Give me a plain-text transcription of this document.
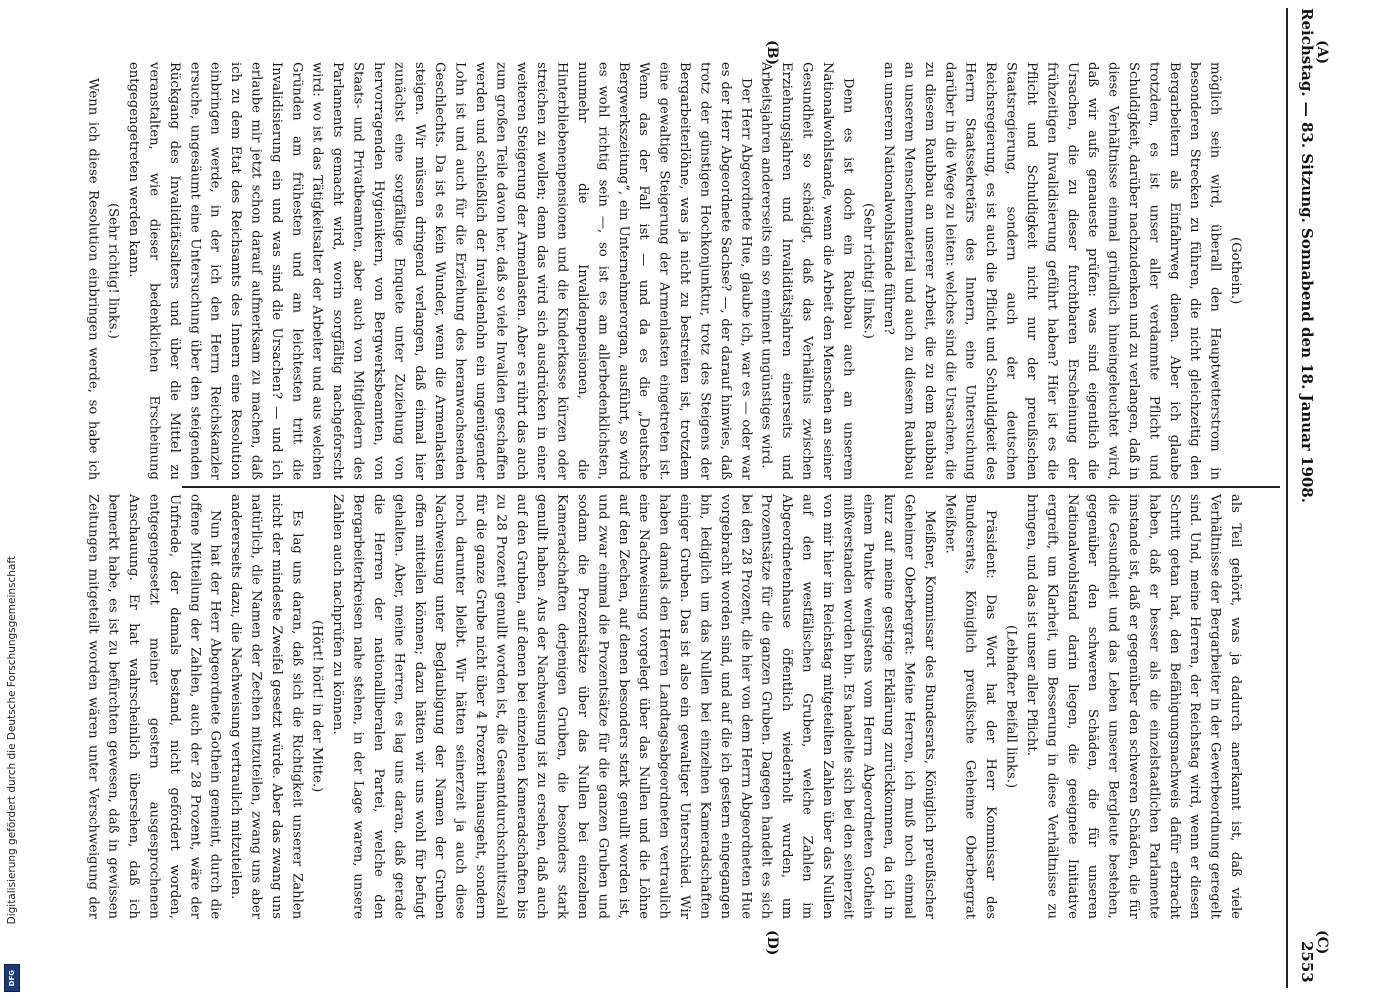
Digitalisierung gefördert durch die Deutsche Forschungsgemeinschaft
DFG
Reichstag. — 83. Sitzung. Sonnabend den 18. Januar 1908.
2553
(A)
(B)
(C)
(D)

(Gothein.)

möglich sein wird, überall den Hauptwetterstrom in besonderen Strecken zu führen, die nicht gleichzeitig den Bergarbeitern als Einfahrweg dienen. Aber ich glaube trotzdem, es ist unser aller verdammte Pflicht und Schuldigkeit, darüber nachzudenken und zu verlangen, daß in diese Verhältnisse einmal gründlich hineingeleuchtet wird, daß wir aufs genaueste prüfen: was sind eigentlich die Ursachen, die zu dieser furchtbaren Erscheinung der frühzeitigen Invalidisierung geführt haben? Hier ist es die Pflicht und Schuldigkeit nicht nur der preußischen Staatsregierung, sondern auch der deutschen Reichsregierung, es ist auch die Pflicht und Schuldigkeit des Herrn Staatssekretärs des Innern, eine Untersuchung darüber in die Wege zu leiten: welches sind die Ursachen, die zu diesem Raubbau an unserer Arbeit, die zu dem Raubbau an unserem Menschenmaterial und auch zu diesem Raubbau an unserem Nationalwohlstande führen?

(Sehr richtig! links.)

Denn es ist doch ein Raubbau auch an unserem Nationalwohlstande, wenn die Arbeit den Menschen an seiner Gesundheit so schädigt, daß das Verhältnis zwischen Erziehungsjahren und Invaliditätsjahren einerseits und Arbeitsjahren andererseits ein so eminent ungünstiges wird.

Der Herr Abgeordnete Hue, glaube ich, war es — oder war es der Herr Abgeordnete Sachse? —, der darauf hinwies, daß trotz der günstigen Hochkonjunktur, trotz des Steigens der Bergarbeiterlöhne, was ja nicht zu bestreiten ist, trotzdem eine gewaltige Steigerung der Armenlasten eingetreten ist. Wenn das der Fall ist — und da es die „Deutsche Bergwerkszeitung“, ein Unternehmerorgan, ausführt, so wird es wohl richtig sein —, so ist es am allerbedenklichsten, nunmehr die Invalidenpensionen, die Hinterbliebenenpensionen und die Kinderkasse kürzen oder streichen zu wollen; denn das wird sich ausdrücken in einer weiteren Steigerung der Armenlasten. Aber es rührt das auch zum großen Teile davon her, daß so viele Invaliden geschaffen werden und schließlich der Invalidenlohn ein ungenügender Lohn ist und auch für die Erziehung des heranwachsenden Geschlechts. Da ist es kein Wunder, wenn die Armenlasten steigen. Wir müssen dringend verlangen, daß einmal hier zunächst eine sorgfältige Enquete unter Zuziehung von hervorragenden Hygienikern, von Bergwerksbeamten, von Staats- und Privatbeamten, aber auch von Mitgliedern des Parlaments gemacht wird, worin sorgfältig nachgeforscht wird: wo ist das Tätigkeitsalter der Arbeiter und aus welchen Gründen am frühesten und am leichtesten tritt die Invalidisierung ein und was sind die Ursachen? — und ich erlaube mir jetzt schon darauf aufmerksam zu machen, daß ich zu dem Etat des Reichsamts des Innern eine Resolution einbringen werde, in der ich den Herrn Reichskanzler ersuche, ungesäumt eine Untersuchung über den steigenden Rückgang des Invaliditätsalters und über die Mittel zu veranstalten, wie dieser bedenklichen Erscheinung entgegengetreten werden kann.

(Sehr richtig! links.)

Wenn ich diese Resolution einbringen werde, so habe ich

als Teil gehört, was ja dadurch anerkannt ist, daß viele Verhältnisse der Bergarbeiter in der Gewerbeordnung geregelt sind. Und, meine Herren, der Reichstag wird, wenn er diesen Schritt getan hat, den Befähigungsnachweis dafür erbracht haben, daß er besser als die einzelstaatlichen Parlamente imstande ist, daß er gegenüber den schweren Schäden, die für die Gesundheit und das Leben unserer Bergleute bestehen, gegenüber den schweren Schäden, die für unseren Nationalwohlstand darin liegen, die geeignete Initiative ergreift, um Klarheit, um Besserung in diese Verhältnisse zu bringen, und das ist unser aller Pflicht.

(Lebhafter Beifall links.)

Präsident: Das Wort hat der Herr Kommissar des Bundesrats, Königlich preußische Geheime Oberbergrat Meißner.

Meißner, Kommissar des Bundesrats, Königlich preußischer Geheimer Oberbergrat: Meine Herren, ich muß noch einmal kurz auf meine gestrige Erklärung zurückkommen, da ich in einem Punkte wenigstens vom Herrn Abgeordneten Gothein mißverstanden worden bin. Es handelte sich bei den seinerzeit von mir hier im Reichstag mitgeteilten Zahlen über das Nullen auf den westfälischen Gruben, welche Zahlen im Abgeordnetenhause öffentlich wiederholt wurden, um Prozentsätze für die ganzen Gruben. Dagegen handelt es sich bei den 28 Prozent, die hier von dem Herrn Abgeordneten Hue vorgebracht worden sind, und auf die ich gestern eingegangen bin, lediglich um das Nullen bei einzelnen Kameradschaften einiger Gruben. Das ist also ein gewaltiger Unterschied. Wir haben damals den Herren Landtagsabgeordneten vertraulich eine Nachweisung vorgelegt über das Nullen und die Löhne auf den Zechen, auf denen besonders stark genullt worden ist, und zwar einmal die Prozentsätze für die ganzen Gruben und sodann die Prozentsätze über das Nullen bei einzelnen Kameradschaften derjenigen Gruben, die besonders stark genullt haben. Aus der Nachweisung ist zu ersehen, daß auch auf den Gruben, auf denen bei einzelnen Kameradschaften bis zu 28 Prozent genullt worden ist, die Gesamtdurchschnittszahl für die ganze Grube nicht über 4 Prozent hinausgeht, sondern noch darunter bleibt. Wir hätten seinerzeit ja auch diese Nachweisung unter Beglaubigung der Namen der Gruben offen mitteilen können; dazu hätten wir uns wohl für befugt gehalten. Aber, meine Herren, es lag uns daran, daß gerade die Herren der nationalliberalen Partei, welche den Bergarbeiterkreisen nahe stehen, in der Lage waren, unsere Zahlen auch nachprüfen zu können.

(Hört! hört! in der Mitte.)

Es lag uns daran, daß sich die Richtigkeit unserer Zahlen nicht der mindeste Zweifel gesetzt würde. Aber das zwang uns natürlich, die Namen der Zechen mitzuteilen, zwang uns aber andererseits dazu, die Nachweisung vertraulich mitzuteilen.

Nun hat der Herr Abgeordnete Gothein gemeint, durch die offene Mitteilung der Zahlen, auch der 28 Prozent, wäre der Unfriede, der damals bestand, nicht gefördert worden, entgegengesetzt meiner gestern ausgesprochenen Anschauung. Er hat wahrscheinlich übersehen, daß ich bemerkt habe, es ist zu befürchten gewesen, daß in gewissen Zeitungen mitgeteilt worden wären unter Verschweigung der
